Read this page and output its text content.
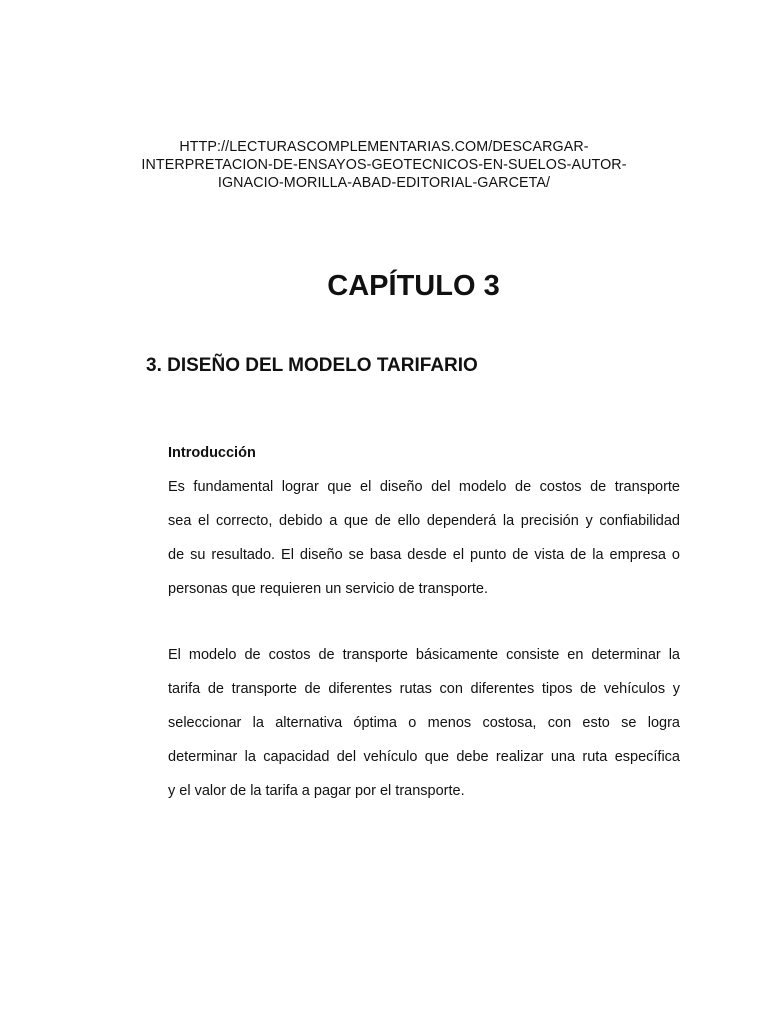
HTTP://LECTURASCOMPLEMENTARIAS.COM/DESCARGAR-
INTERPRETACION-DE-ENSAYOS-GEOTECNICOS-EN-SUELOS-AUTOR-
IGNACIO-MORILLA-ABAD-EDITORIAL-GARCETA/
CAPÍTULO 3
3. DISEÑO DEL MODELO TARIFARIO
Introducción
Es fundamental lograr que el diseño del modelo de costos de transporte
sea el correcto, debido a que de ello dependerá la precisión y confiabilidad
de su resultado. El diseño se basa desde el punto de vista de la empresa o
personas que requieren un servicio de transporte.
El modelo de costos de transporte básicamente consiste en determinar la
tarifa de transporte de diferentes rutas con diferentes tipos de vehículos y
seleccionar la alternativa óptima o menos costosa, con esto se logra
determinar la capacidad del vehículo que debe realizar una ruta específica
y el valor de la tarifa a pagar por el transporte.
